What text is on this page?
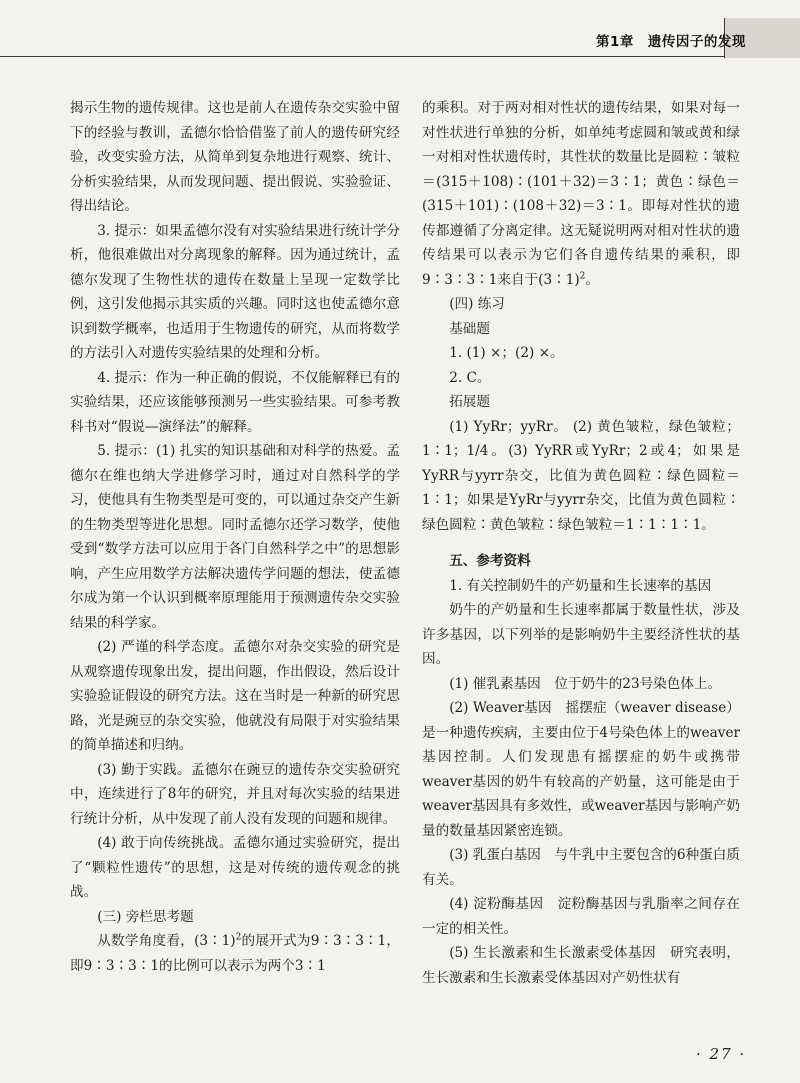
第1章　遗传因子的发现

揭示生物的遗传规律。这也是前人在遗传杂交实验中留下的经验与教训，孟德尔恰恰借鉴了前人的遗传研究经验，改变实验方法，从简单到复杂地进行观察、统计、分析实验结果，从而发现问题、提出假说、实验验证、得出结论。

3. 提示：如果孟德尔没有对实验结果进行统计学分析，他很难做出对分离现象的解释。因为通过统计，孟德尔发现了生物性状的遗传在数量上呈现一定数学比例，这引发他揭示其实质的兴趣。同时这也使孟德尔意识到数学概率，也适用于生物遗传的研究，从而将数学的方法引入对遗传实验结果的处理和分析。

4. 提示：作为一种正确的假说，不仅能解释已有的实验结果，还应该能够预测另一些实验结果。可参考教科书对“假说—演绎法”的解释。

5. 提示：(1) 扎实的知识基础和对科学的热爱。孟德尔在维也纳大学进修学习时，通过对自然科学的学习，使他具有生物类型是可变的，可以通过杂交产生新的生物类型等进化思想。同时孟德尔还学习数学，使他受到“数学方法可以应用于各门自然科学之中”的思想影响，产生应用数学方法解决遗传学问题的想法，使孟德尔成为第一个认识到概率原理能用于预测遗传杂交实验结果的科学家。

(2) 严谨的科学态度。孟德尔对杂交实验的研究是从观察遗传现象出发，提出问题，作出假设，然后设计实验验证假设的研究方法。这在当时是一种新的研究思路，光是豌豆的杂交实验，他就没有局限于对实验结果的简单描述和归纳。

(3) 勤于实践。孟德尔在豌豆的遗传杂交实验研究中，连续进行了8年的研究，并且对每次实验的结果进行统计分析，从中发现了前人没有发现的问题和规律。

(4) 敢于向传统挑战。孟德尔通过实验研究，提出了“颗粒性遗传”的思想，这是对传统的遗传观念的挑战。

(三) 旁栏思考题

从数学角度看，(3∶1)$^2$的展开式为9∶3∶3∶1，即9∶3∶3∶1的比例可以表示为两个3∶1

的乘积。对于两对相对性状的遗传结果，如果对每一对性状进行单独的分析，如单纯考虑圆和皱或黄和绿一对相对性状遗传时，其性状的数量比是圆粒∶皱粒＝(315＋108)∶(101＋32)＝3∶1；黄色∶绿色＝(315＋101)∶(108＋32)＝3∶1。即每对性状的遗传都遵循了分离定律。这无疑说明两对相对性状的遗传结果可以表示为它们各自遗传结果的乘积，即9∶3∶3∶1来自于(3∶1)$^2$。

(四) 练习

基础题

1. (1) ×；(2) ×。

2. C。

拓展题

(1) YyRr；yyRr。 (2) 黄色皱粒，绿色皱粒；1∶1；1/4。(3) YyRR或YyRr；2或4；如果是YyRR与yyrr杂交，比值为黄色圆粒∶绿色圆粒＝1∶1；如果是YyRr与yyrr杂交，比值为黄色圆粒∶绿色圆粒∶黄色皱粒∶绿色皱粒＝1∶1∶1∶1。

五、参考资料

1. 有关控制奶牛的产奶量和生长速率的基因

奶牛的产奶量和生长速率都属于数量性状，涉及许多基因，以下列举的是影响奶牛主要经济性状的基因。

(1) 催乳素基因　位于奶牛的23号染色体上。

(2) Weaver基因　摇摆症（weaver disease）是一种遗传疾病，主要由位于4号染色体上的weaver基因控制。人们发现患有摇摆症的奶牛或携带weaver基因的奶牛有较高的产奶量，这可能是由于weaver基因具有多效性，或weaver基因与影响产奶量的数量基因紧密连锁。

(3) 乳蛋白基因　与牛乳中主要包含的6种蛋白质有关。

(4) 淀粉酶基因　淀粉酶基因与乳脂率之间存在一定的相关性。

(5) 生长激素和生长激素受体基因　研究表明，生长激素和生长激素受体基因对产奶性状有

· 27 ·
